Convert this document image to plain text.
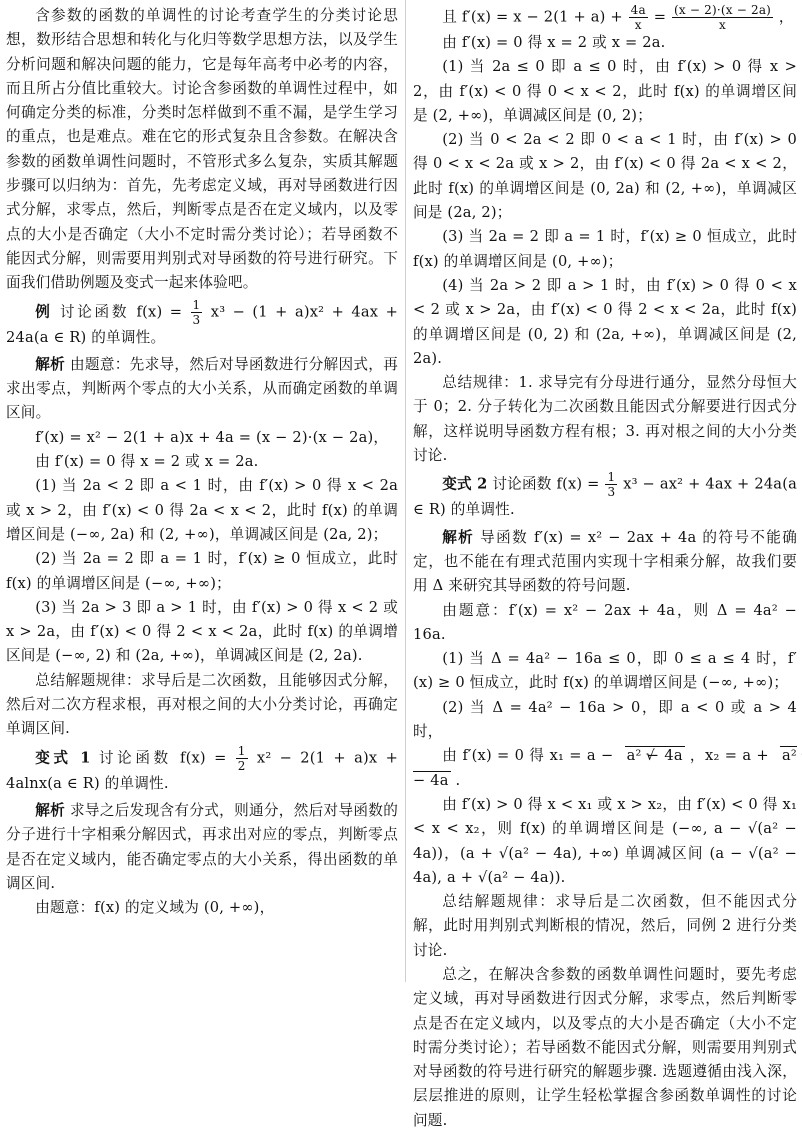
含参数的函数的单调性的讨论考查学生的分类讨论思想，数形结合思想和转化与化归等数学思想方法，以及学生分析问题和解决问题的能力，它是每年高考中必考的内容，而且所占分值比重较大。讨论含参函数的单调性过程中，如何确定分类的标准，分类时怎样做到不重不漏，是学生学习的重点，也是难点。难在它的形式复杂且含参数。在解决含参数的函数单调性问题时，不管形式多么复杂，实质其解题步骤可以归纳为：首先，先考虑定义域，再对导函数进行因式分解，求零点，然后，判断零点是否在定义域内，以及零点的大小是否确定（大小不定时需分类讨论）；若导函数不能因式分解，则需要用判别式对导函数的符号进行研究。下面我们借助例题及变式一起来体验吧。

例 讨论函数 $f(x) = \frac{1}{3} x^3 - (1 + a)x^2 + 4ax + 24a(a$ ∈ R) 的单调性。

解析 由题意：先求导，然后对导函数进行分解因式，再求出零点，判断两个零点的大小关系，从而确定函数的单调区间。

f′(x) = x² − 2(1 + a)x + 4a = (x − 2)·(x − 2a)，

由 f′(x) = 0 得 x = 2 或 x = 2a.

(1) 当 2a < 2 即 a < 1 时，由 f′(x) > 0 得 x < 2a 或 x > 2，由 f′(x) < 0 得 2a < x < 2，此时 f(x) 的单调增区间是 (−∞, 2a) 和 (2, +∞)，单调减区间是 (2a, 2)；

(2) 当 2a = 2 即 a = 1 时，f′(x) ≥ 0 恒成立，此时 f(x) 的单调增区间是 (−∞, +∞)；

(3) 当 2a > 3 即 a > 1 时，由 f′(x) > 0 得 x < 2 或 x > 2a，由 f′(x) < 0 得 2 < x < 2a，此时 f(x) 的单调增区间是 (−∞, 2) 和 (2a, +∞)，单调减区间是 (2, 2a).

总结解题规律：求导后是二次函数，且能够因式分解，然后对二次方程求根，再对根之间的大小分类讨论，再确定单调区间.

变式 1 讨论函数 $f(x) = \frac{1}{2} x^2 - 2(1 + a)x + 4alnx(a$ ∈ R) 的单调性.

解析 求导之后发现含有分式，则通分，然后对导函数的分子进行十字相乘分解因式，再求出对应的零点，判断零点是否在定义域内，能否确定零点的大小关系，得出函数的单调区间.

由题意：f(x) 的定义域为 (0, +∞)，

且 $f'(x) = x - 2(1 + a) + \frac{4a}{x} = \frac{(x - 2)\cdot(x - 2a)}{x}$ ，

由 f′(x) = 0 得 x = 2 或 x = 2a.

(1) 当 2a ≤ 0 即 a ≤ 0 时，由 f′(x) > 0 得 x > 2，由 f′(x) < 0 得 0 < x < 2，此时 f(x) 的单调增区间是 (2, +∞)，单调减区间是 (0, 2)；

(2) 当 0 < 2a < 2 即 0 < a < 1 时，由 f′(x) > 0 得 0 < x < 2a 或 x > 2，由 f′(x) < 0 得 2a < x < 2，此时 f(x) 的单调增区间是 (0, 2a) 和 (2, +∞)，单调减区间是 (2a, 2)；

(3) 当 2a = 2 即 a = 1 时，f′(x) ≥ 0 恒成立，此时 f(x) 的单调增区间是 (0, +∞)；

(4) 当 2a > 2 即 a > 1 时，由 f′(x) > 0 得 0 < x < 2 或 x > 2a，由 f′(x) < 0 得 2 < x < 2a，此时 f(x) 的单调增区间是 (0, 2) 和 (2a, +∞)，单调减区间是 (2, 2a).

总结规律：1. 求导完有分母进行通分，显然分母恒大于 0；2. 分子转化为二次函数且能因式分解要进行因式分解，这样说明导函数方程有根；3. 再对根之间的大小分类讨论.

变式 2 讨论函数 $f(x) = \frac{1}{3} x^3 - ax^2 + 4ax + 24a(a$ ∈ R) 的单调性.

解析 导函数 f′(x) = x² − 2ax + 4a 的符号不能确定，也不能在有理式范围内实现十字相乘分解，故我们要用 Δ 来研究其导函数的符号问题.

由题意：f′(x) = x² − 2ax + 4a，则 Δ = 4a² − 16a.

(1) 当 Δ = 4a² − 16a ≤ 0，即 0 ≤ a ≤ 4 时，f′(x) ≥ 0 恒成立，此时 f(x) 的单调增区间是 (−∞, +∞)；

(2) 当 Δ = 4a² − 16a > 0，即 a < 0 或 a > 4 时，

由 f′(x) = 0 得 x₁ = a − √ a² − 4a ，x₂ = a + √ a² − 4a .

由 f′(x) > 0 得 x < x₁ 或 x > x₂，由 f′(x) < 0 得 x₁ < x < x₂，则 f(x) 的单调增区间是 (−∞, a − √(a² − 4a))，(a + √(a² − 4a), +∞) 单调减区间 (a − √(a² − 4a), a + √(a² − 4a)).

总结解题规律：求导后是二次函数，但不能因式分解，此时用判别式判断根的情况，然后，同例 2 进行分类讨论.

总之，在解决含参数的函数单调性问题时，要先考虑定义域，再对导函数进行因式分解，求零点，然后判断零点是否在定义域内，以及零点的大小是否确定（大小不定时需分类讨论）；若导函数不能因式分解，则需要用判别式对导函数的符号进行研究的解题步骤. 选题遵循由浅入深，层层推进的原则，让学生轻松掌握含参函数单调性的讨论问题.
